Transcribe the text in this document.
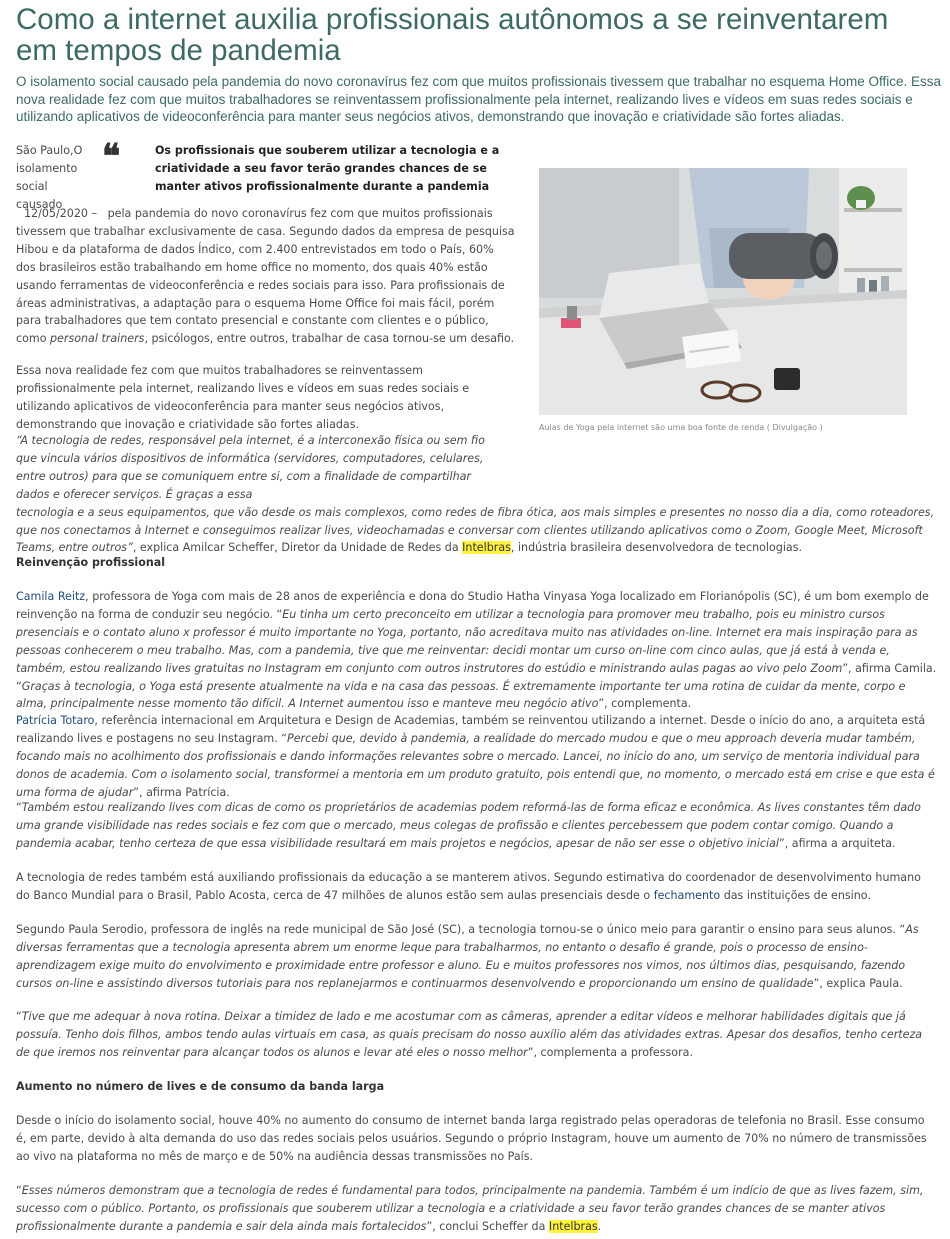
Como a internet auxilia profissionais autônomos a se reinventarem em tempos de pandemia

O isolamento social causado pela pandemia do novo coronavírus fez com que muitos profissionais tivessem que trabalhar no esquema Home Office. Essa nova realidade fez com que muitos trabalhadores se reinventassem profissionalmente pela internet, realizando lives e vídeos em suas redes sociais e utilizando aplicativos de videoconferência para manter seus negócios ativos, demonstrando que inovação e criatividade são fortes aliadas.

São Paulo,O isolamento social causado

❝	Os profissionais que souberem utilizar a tecnologia e a criatividade a seu favor terão grandes chances de se manter ativos profissionalmente durante a pandemia

12/05/2020 – pela pandemia do novo coronavírus fez com que muitos profissionais tivessem que trabalhar exclusivamente de casa. Segundo dados da empresa de pesquisa Hibou e da plataforma de dados Índico, com 2.400 entrevistados em todo o País, 60% dos brasileiros estão trabalhando em home office no momento, dos quais 40% estão usando ferramentas de videoconferência e redes sociais para isso. Para profissionais de áreas administrativas, a adaptação para o esquema Home Office foi mais fácil, porém para trabalhadores que tem contato presencial e constante com clientes e o público, como personal trainers, psicólogos, entre outros, trabalhar de casa tornou-se um desafio.

Essa nova realidade fez com que muitos trabalhadores se reinventassem profissionalmente pela internet, realizando lives e vídeos em suas redes sociais e utilizando aplicativos de videoconferência para manter seus negócios ativos, demonstrando que inovação e criatividade são fortes aliadas.	Aulas de Yoga pela internet são uma boa fonte de renda ( Divulgação )

“A tecnologia de redes, responsável pela internet, é a interconexão física ou sem fio que vincula vários dispositivos de informática (servidores, computadores, celulares, entre outros) para que se comuniquem entre si, com a finalidade de compartilhar dados e oferecer serviços. É graças a essa
tecnologia e a seus equipamentos, que vão desde os mais complexos, como redes de fibra ótica, aos mais simples e presentes no nosso dia a dia, como roteadores, que nos conectamos à Internet e conseguimos realizar lives, videochamadas e conversar com clientes utilizando aplicativos como o Zoom, Google Meet, Microsoft Teams, entre outros”, explica Amilcar Scheffer, Diretor da Unidade de Redes da Intelbras, indústria brasileira desenvolvedora de tecnologias.

Reinvenção profissional

Camila Reitz, professora de Yoga com mais de 28 anos de experiência e dona do Studio Hatha Vinyasa Yoga localizado em Florianópolis (SC), é um bom exemplo de reinvenção na forma de conduzir seu negócio. “Eu tinha um certo preconceito em utilizar a tecnologia para promover meu trabalho, pois eu ministro cursos presenciais e o contato aluno x professor é muito importante no Yoga, portanto, não acreditava muito nas atividades on-line. Internet era mais inspiração para as pessoas conhecerem o meu trabalho. Mas, com a pandemia, tive que me reinventar: decidi montar um curso on-line com cinco aulas, que já está à venda e, também, estou realizando lives gratuitas no Instagram em conjunto com outros instrutores do estúdio e ministrando aulas pagas ao vivo pelo Zoom”, afirma Camila. “Graças à tecnologia, o Yoga está presente atualmente na vida e na casa das pessoas. É extremamente importante ter uma rotina de cuidar da mente, corpo e alma, principalmente nesse momento tão difícil. A Internet aumentou isso e manteve meu negócio ativo”, complementa.

Patrícia Totaro, referência internacional em Arquitetura e Design de Academias, também se reinventou utilizando a internet. Desde o início do ano, a arquiteta está realizando lives e postagens no seu Instagram. “Percebi que, devido à pandemia, a realidade do mercado mudou e que o meu approach deveria mudar também, focando mais no acolhimento dos profissionais e dando informações relevantes sobre o mercado. Lancei, no início do ano, um serviço de mentoria individual para donos de academia. Com o isolamento social, transformei a mentoria em um produto gratuito, pois entendi que, no momento, o mercado está em crise e que esta é uma forma de ajudar”, afirma Patrícia.

“Também estou realizando lives com dicas de como os proprietários de academias podem reformá-las de forma eficaz e econômica. As lives constantes têm dado uma grande visibilidade nas redes sociais e fez com que o mercado, meus colegas de profissão e clientes percebessem que podem contar comigo. Quando a pandemia acabar, tenho certeza de que essa visibilidade resultará em mais projetos e negócios, apesar de não ser esse o objetivo inicial”, afirma a arquiteta.

A tecnologia de redes também está auxiliando profissionais da educação a se manterem ativos. Segundo estimativa do coordenador de desenvolvimento humano do Banco Mundial para o Brasil, Pablo Acosta, cerca de 47 milhões de alunos estão sem aulas presenciais desde o fechamento das instituições de ensino.

Segundo Paula Serodio, professora de inglês na rede municipal de São José (SC), a tecnologia tornou-se o único meio para garantir o ensino para seus alunos. “As diversas ferramentas que a tecnologia apresenta abrem um enorme leque para trabalharmos, no entanto o desafio é grande, pois o processo de ensino-aprendizagem exige muito do envolvimento e proximidade entre professor e aluno. Eu e muitos professores nos vimos, nos últimos dias, pesquisando, fazendo cursos on-line e assistindo diversos tutoriais para nos replanejarmos e continuarmos desenvolvendo e proporcionando um ensino de qualidade”, explica Paula.

“Tive que me adequar à nova rotina. Deixar a timidez de lado e me acostumar com as câmeras, aprender a editar vídeos e melhorar habilidades digitais que já possuía. Tenho dois filhos, ambos tendo aulas virtuais em casa, as quais precisam do nosso auxílio além das atividades extras. Apesar dos desafios, tenho certeza de que iremos nos reinventar para alcançar todos os alunos e levar até eles o nosso melhor”, complementa a professora.

Aumento no número de lives e de consumo da banda larga

Desde o início do isolamento social, houve 40% no aumento do consumo de internet banda larga registrado pelas operadoras de telefonia no Brasil. Esse consumo é, em parte, devido à alta demanda do uso das redes sociais pelos usuários. Segundo o próprio Instagram, houve um aumento de 70% no número de transmissões ao vivo na plataforma no mês de março e de 50% na audiência dessas transmissões no País.

“Esses números demonstram que a tecnologia de redes é fundamental para todos, principalmente na pandemia. Também é um indício de que as lives fazem, sim, sucesso com o público. Portanto, os profissionais que souberem utilizar a tecnologia e a criatividade a seu favor terão grandes chances de se manter ativos profissionalmente durante a pandemia e sair dela ainda mais fortalecidos”, conclui Scheffer da Intelbras.
